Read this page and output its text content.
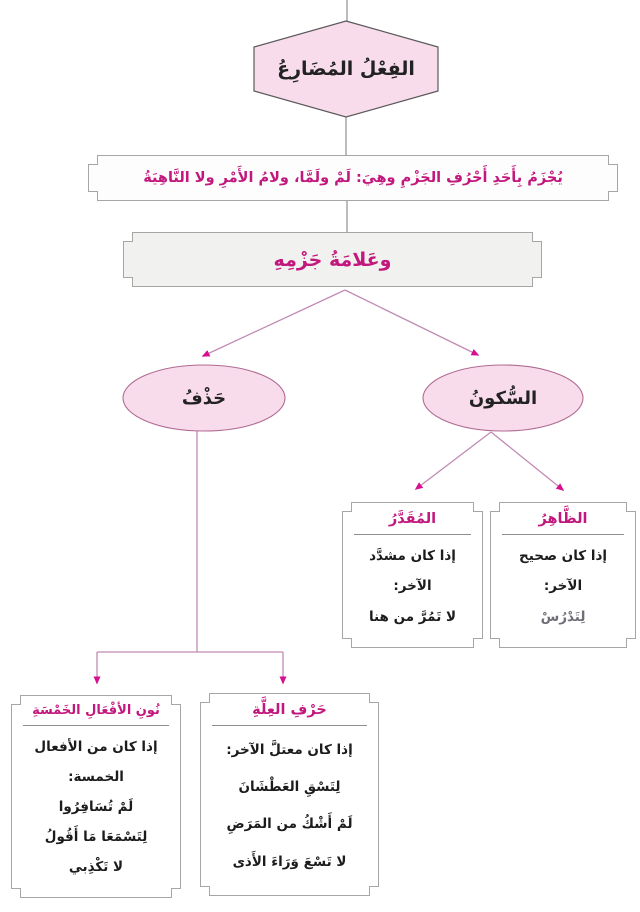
الفِعْلُ المُضَارِعُ
يُجْزَمُ بِأَحَدِ أَحْرُفِ الجَزْمِ وهِيَ: لَمْ ولَمَّا، ولامُ الأَمْرِ ولا النَّاهِيَةُ
وعَلامَةُ جَزْمِهِ
حَذْفُ	السُّكونُ
المُقَدَّرُ
إذا كان مشدَّد
الآخر:
لا تَمُرَّ من هنا
الظَّاهِرُ
إذا كان صحيح
الآخر:
لِتَدْرُسْ
نُونِ الأفْعَالِ الخَمْسَةِ
إذا كان من الأفعال
الخمسة:
لَمْ تُسَافِرُوا
لِتَسْمَعَا مَا أَقُولُ
لا تَكْذِبي
حَرْفِ العِلَّةِ
إذا كان معتلَّ الآخر:
لِتَسْقِ العَطْشَانَ
لَمْ أَشْكُ من المَرَضِ
لا تَسْعَ وَرَاءَ الأَذى
